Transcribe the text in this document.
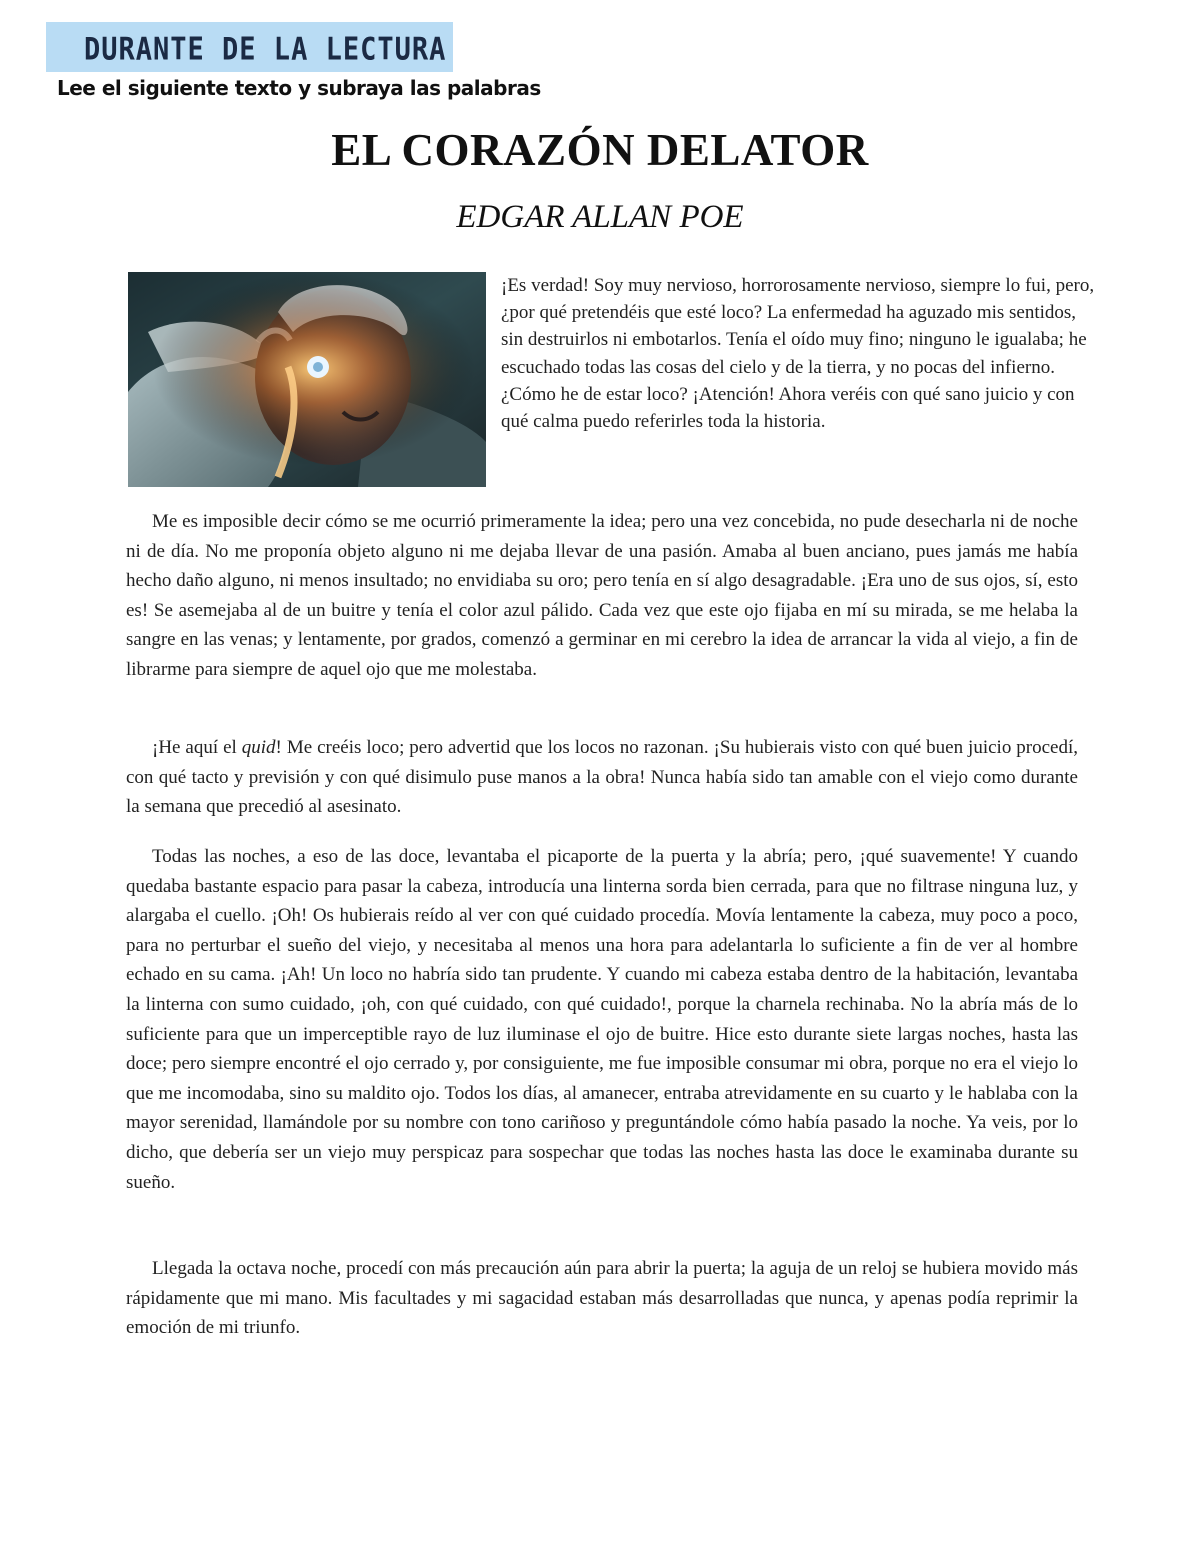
DURANTE DE LA LECTURA
Lee el siguiente texto y subraya las palabras
EL CORAZÓN DELATOR
EDGAR ALLAN POE
¡Es verdad! Soy muy nervioso, horrorosamente nervioso, siempre lo fui, pero, ¿por qué pretendéis que esté loco? La enfermedad ha aguzado mis sentidos, sin destruirlos ni embotarlos. Tenía el oído muy fino; ninguno le igualaba; he escuchado todas las cosas del cielo y de la tierra, y no pocas del infierno. ¿Cómo he de estar loco? ¡Atención! Ahora veréis con qué sano juicio y con qué calma puedo referirles toda la historia.

Me es imposible decir cómo se me ocurrió primeramente la idea; pero una vez concebida, no pude desecharla ni de noche ni de día. No me proponía objeto alguno ni me dejaba llevar de una pasión. Amaba al buen anciano, pues jamás me había hecho daño alguno, ni menos insultado; no envidiaba su oro; pero tenía en sí algo desagradable. ¡Era uno de sus ojos, sí, esto es! Se asemejaba al de un buitre y tenía el color azul pálido. Cada vez que este ojo fijaba en mí su mirada, se me helaba la sangre en las venas; y lentamente, por grados, comenzó a germinar en mi cerebro la idea de arrancar la vida al viejo, a fin de librarme para siempre de aquel ojo que me molestaba.

¡He aquí el quid! Me creéis loco; pero advertid que los locos no razonan. ¡Su hubierais visto con qué buen juicio procedí, con qué tacto y previsión y con qué disimulo puse manos a la obra! Nunca había sido tan amable con el viejo como durante la semana que precedió al asesinato.

Todas las noches, a eso de las doce, levantaba el picaporte de la puerta y la abría; pero, ¡qué suavemente! Y cuando quedaba bastante espacio para pasar la cabeza, introducía una linterna sorda bien cerrada, para que no filtrase ninguna luz, y alargaba el cuello. ¡Oh! Os hubierais reído al ver con qué cuidado procedía. Movía lentamente la cabeza, muy poco a poco, para no perturbar el sueño del viejo, y necesitaba al menos una hora para adelantarla lo suficiente a fin de ver al hombre echado en su cama. ¡Ah! Un loco no habría sido tan prudente. Y cuando mi cabeza estaba dentro de la habitación, levantaba la linterna con sumo cuidado, ¡oh, con qué cuidado, con qué cuidado!, porque la charnela rechinaba. No la abría más de lo suficiente para que un imperceptible rayo de luz iluminase el ojo de buitre. Hice esto durante siete largas noches, hasta las doce; pero siempre encontré el ojo cerrado y, por consiguiente, me fue imposible consumar mi obra, porque no era el viejo lo que me incomodaba, sino su maldito ojo. Todos los días, al amanecer, entraba atrevidamente en su cuarto y le hablaba con la mayor serenidad, llamándole por su nombre con tono cariñoso y preguntándole cómo había pasado la noche. Ya veis, por lo dicho, que debería ser un viejo muy perspicaz para sospechar que todas las noches hasta las doce le examinaba durante su sueño.

Llegada la octava noche, procedí con más precaución aún para abrir la puerta; la aguja de un reloj se hubiera movido más rápidamente que mi mano. Mis facultades y mi sagacidad estaban más desarrolladas que nunca, y apenas podía reprimir la emoción de mi triunfo.
